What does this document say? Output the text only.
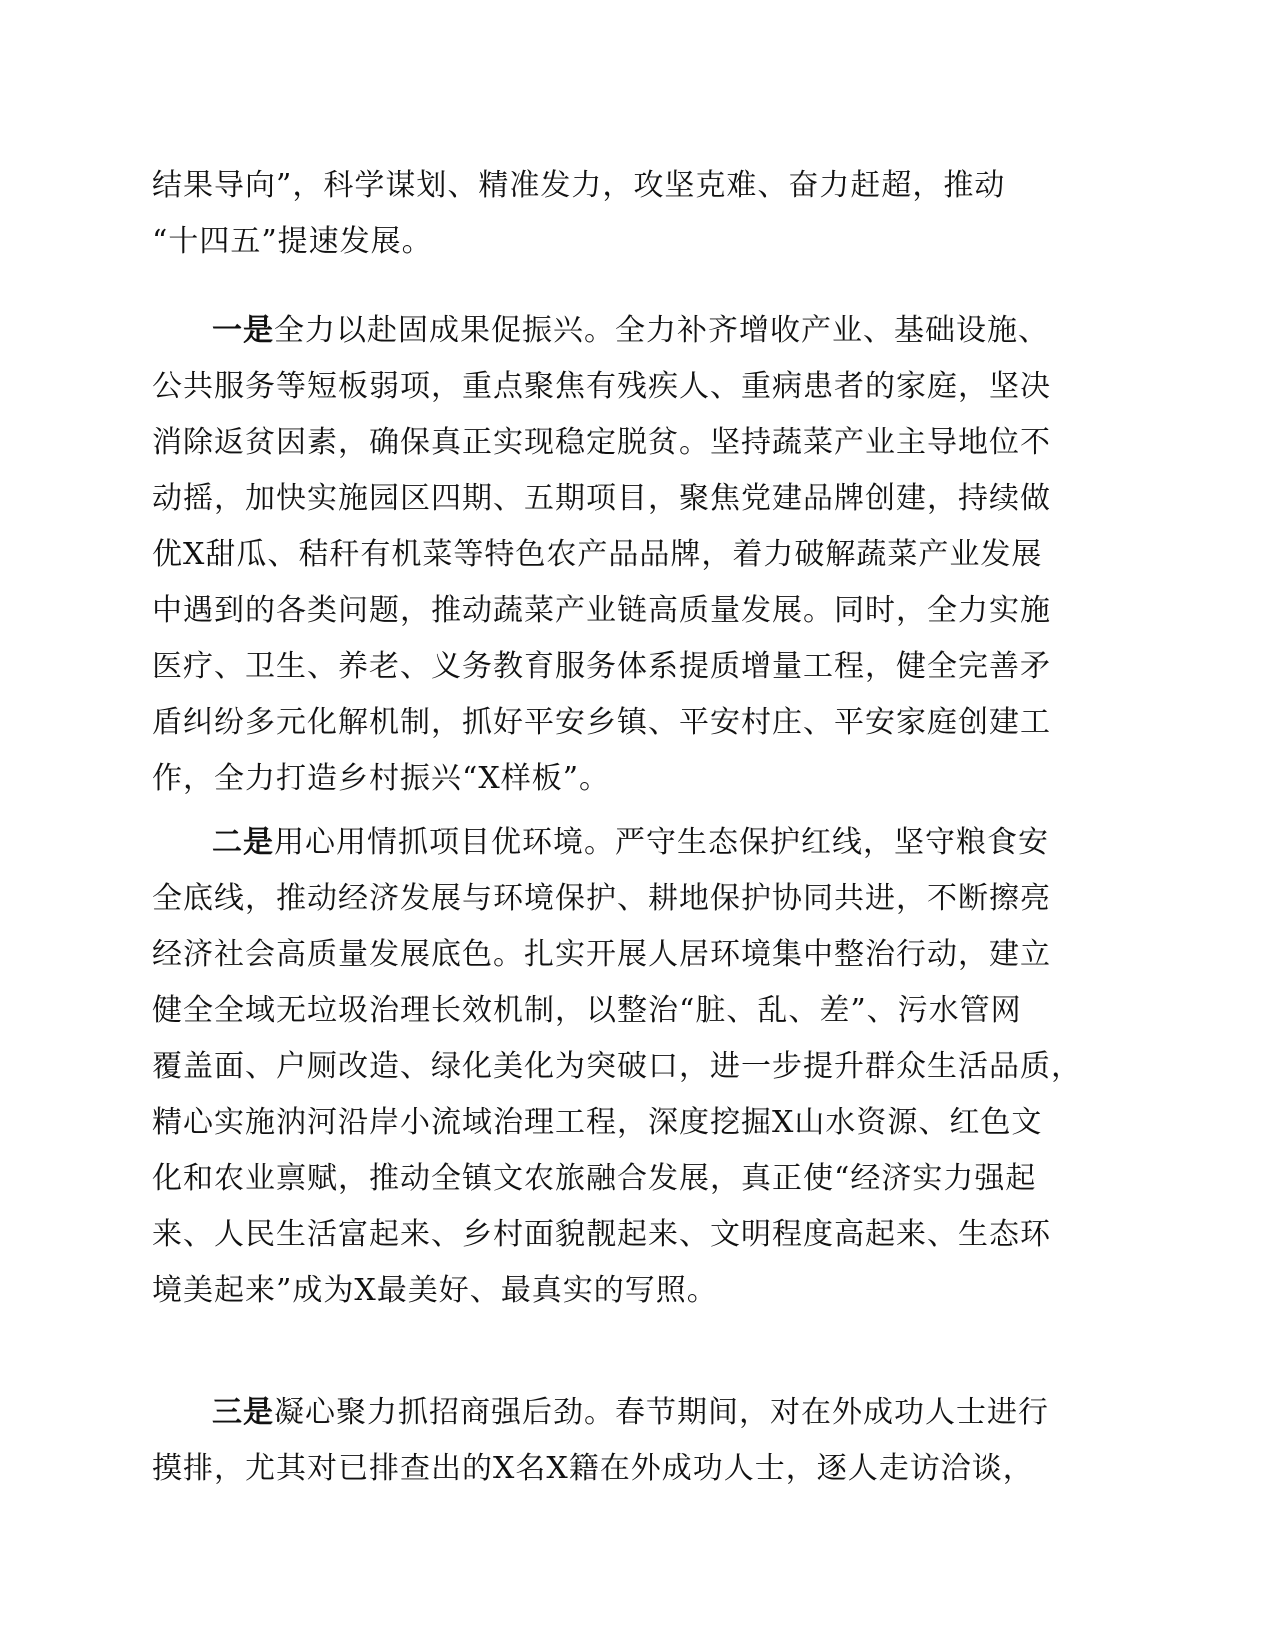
结果导向”，科学谋划、精准发力，攻坚克难、奋力赶超，推动
“十四五”提速发展。
一是全力以赴固成果促振兴。全力补齐增收产业、基础设施、
公共服务等短板弱项，重点聚焦有残疾人、重病患者的家庭，坚决
消除返贫因素，确保真正实现稳定脱贫。坚持蔬菜产业主导地位不
动摇，加快实施园区四期、五期项目，聚焦党建品牌创建，持续做
优X甜瓜、秸秆有机菜等特色农产品品牌，着力破解蔬菜产业发展
中遇到的各类问题，推动蔬菜产业链高质量发展。同时，全力实施
医疗、卫生、养老、义务教育服务体系提质增量工程，健全完善矛
盾纠纷多元化解机制，抓好平安乡镇、平安村庄、平安家庭创建工
作，全力打造乡村振兴“X样板”。
二是用心用情抓项目优环境。严守生态保护红线，坚守粮食安
全底线，推动经济发展与环境保护、耕地保护协同共进，不断擦亮
经济社会高质量发展底色。扎实开展人居环境集中整治行动，建立
健全全域无垃圾治理长效机制，以整治“脏、乱、差”、污水管网
覆盖面、户厕改造、绿化美化为突破口，进一步提升群众生活品质，
精心实施汭河沿岸小流域治理工程，深度挖掘X山水资源、红色文
化和农业禀赋，推动全镇文农旅融合发展，真正使“经济实力强起
来、人民生活富起来、乡村面貌靓起来、文明程度高起来、生态环
境美起来”成为X最美好、最真实的写照。
三是凝心聚力抓招商强后劲。春节期间，对在外成功人士进行
摸排，尤其对已排查出的X名X籍在外成功人士，逐人走访洽谈，
